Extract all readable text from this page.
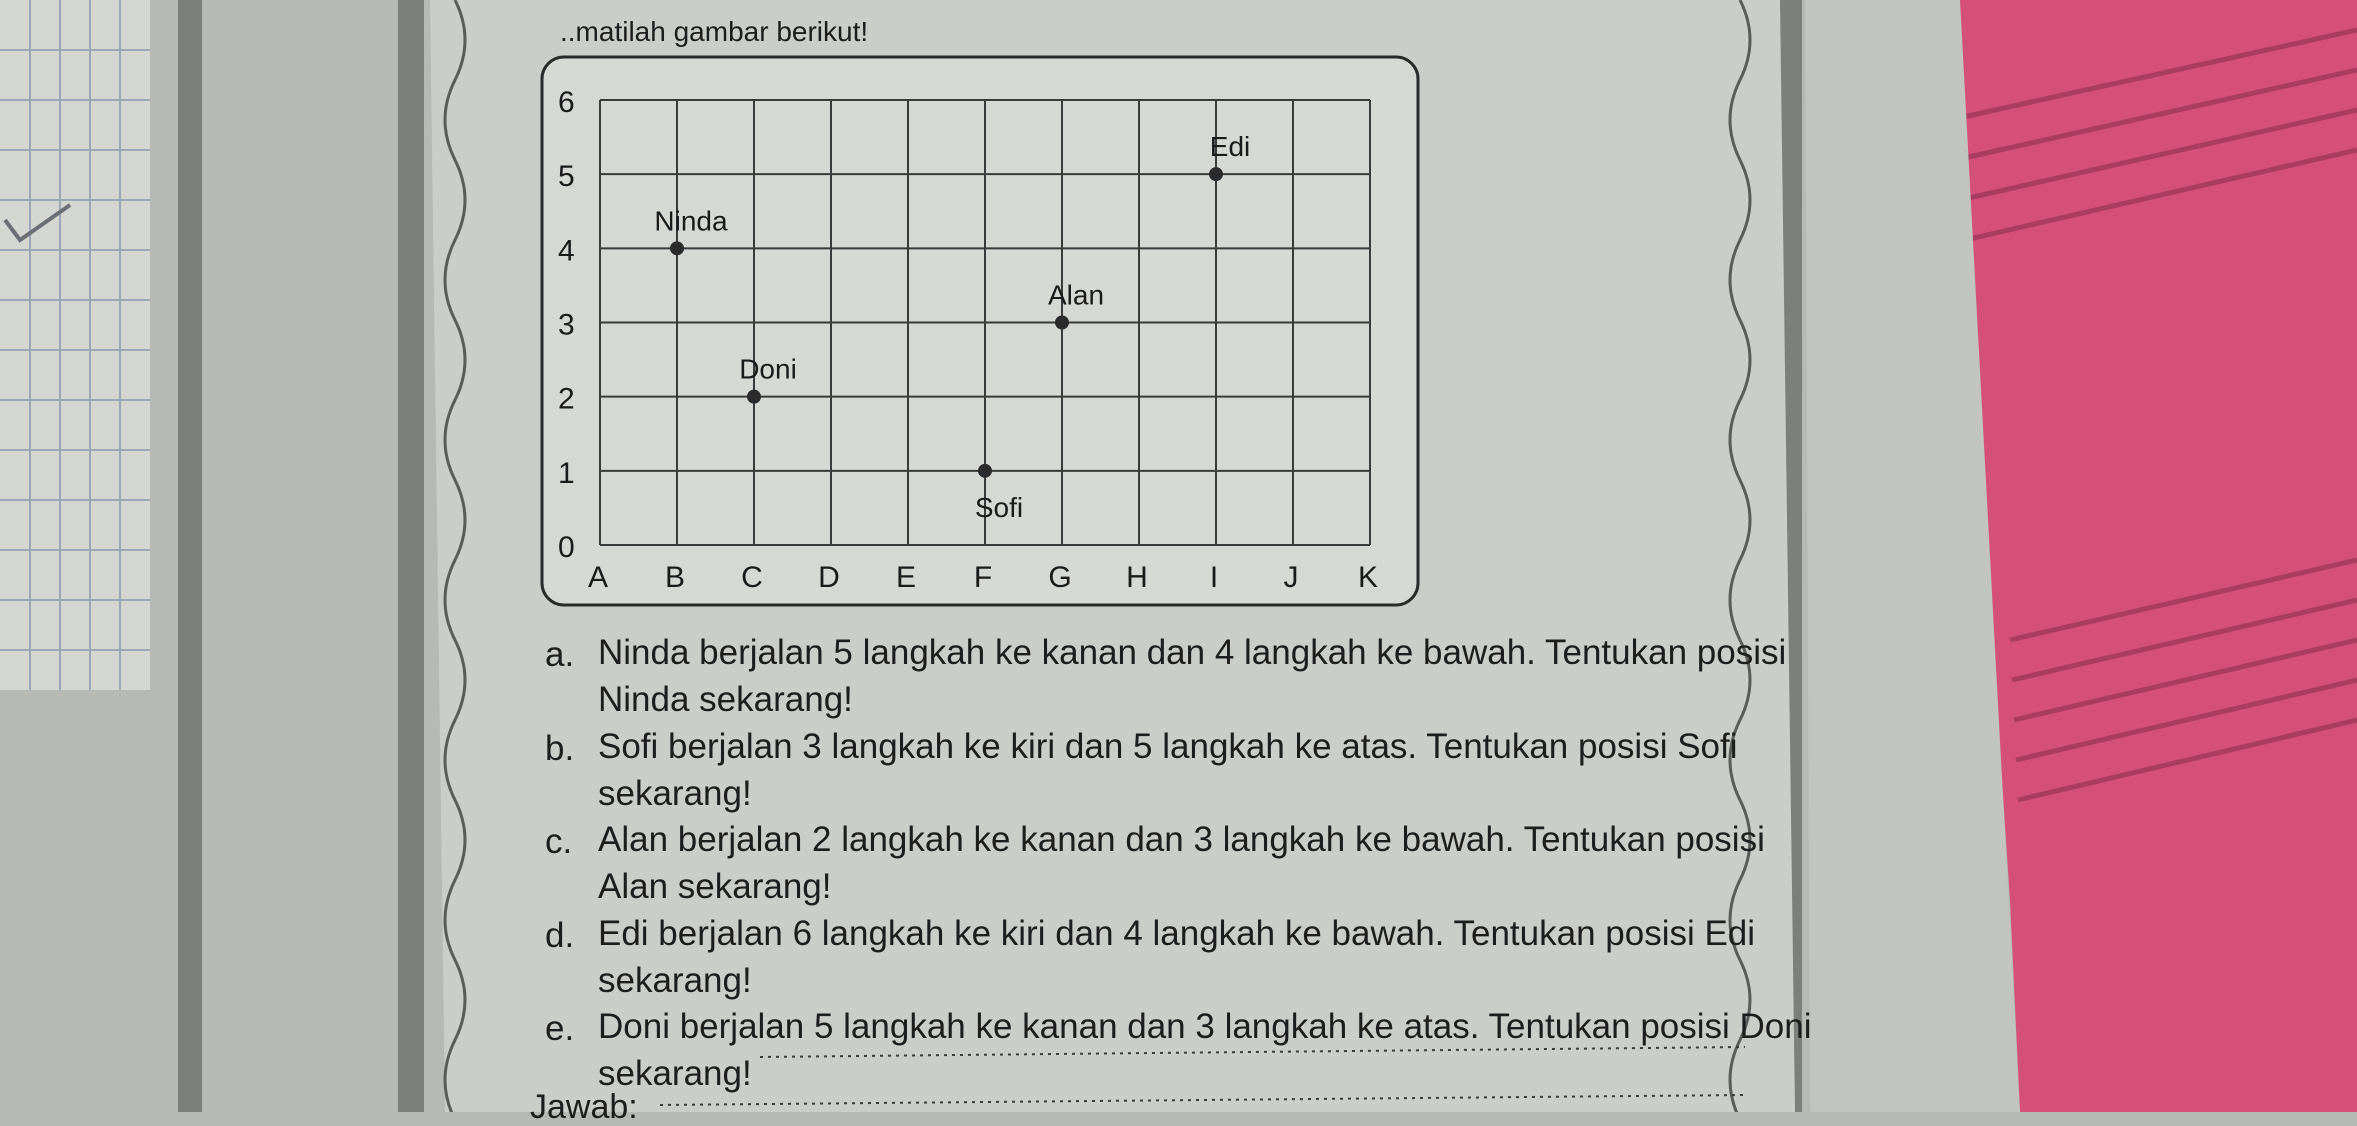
..matilah gambar berikut!
0
1
2
3
4
5
6
A B C D E F G H I J K
Edi
Ninda
Alan
Doni
Sofi
a. Ninda berjalan 5 langkah ke kanan dan 4 langkah ke bawah. Tentukan posisi
Ninda sekarang!
b. Sofi berjalan 3 langkah ke kiri dan 5 langkah ke atas. Tentukan posisi Sofi
sekarang!
c. Alan berjalan 2 langkah ke kanan dan 3 langkah ke bawah. Tentukan posisi
Alan sekarang!
d. Edi berjalan 6 langkah ke kiri dan 4 langkah ke bawah. Tentukan posisi Edi
sekarang!
e. Doni berjalan 5 langkah ke kanan dan 3 langkah ke atas. Tentukan posisi Doni
sekarang!
Jawab:
